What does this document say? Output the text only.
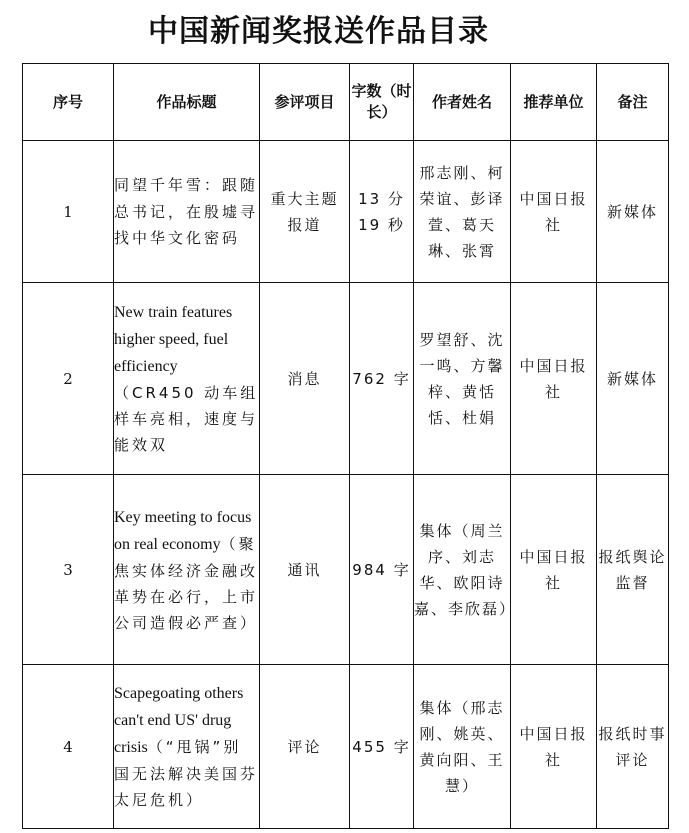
中国新闻奖报送作品目录
序号	作品标题	参评项目	字数（时长）	作者姓名	推荐单位	备注
1	同望千年雪：跟随总书记，在殷墟寻找中华文化密码	重大主题报道	13 分 19 秒	邢志刚、柯荣谊、彭译萱、葛天琳、张霄	中国日报社	新媒体
2	New train features higher speed, fuel efficiency（CR450 动车组样车亮相，速度与能效双	消息	762 字	罗望舒、沈一鸣、方馨梓、黄恬恬、杜娟	中国日报社	新媒体
3	Key meeting to focus on real economy（聚焦实体经济金融改革势在必行，上市公司造假必严查）	通讯	984 字	集体（周兰序、刘志华、欧阳诗嘉、李欣磊）	中国日报社	报纸舆论监督
4	Scapegoating others can't end US' drug crisis（“甩锅”别国无法解决美国芬太尼危机）	评论	455 字	集体（邢志刚、姚英、黄向阳、王慧）	中国日报社	报纸时事评论
